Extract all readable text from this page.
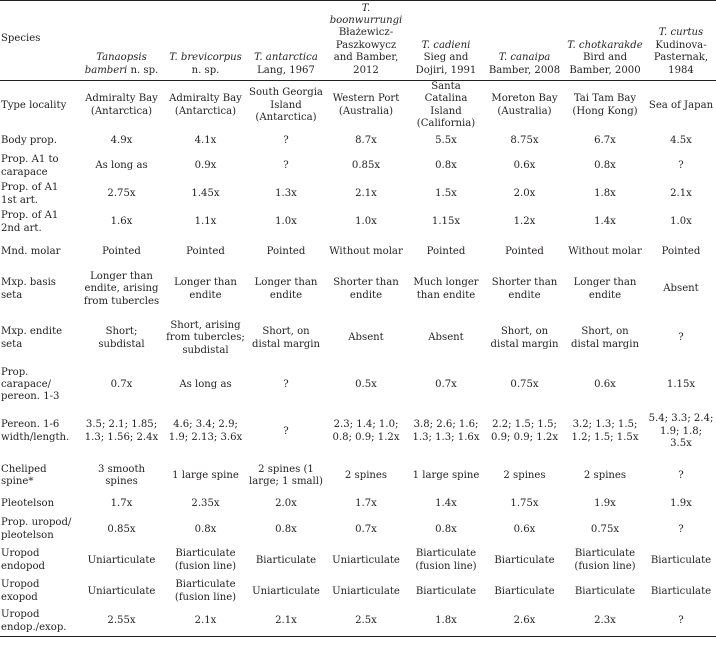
Species	Tanaopsis bamberi n. sp.	T. brevicorpus n. sp.	T. antarctica Lang, 1967	T. boonwurrungi Błażewicz-Paszkowycz and Bamber, 2012	T. cadieni Sieg and Dojiri, 1991	T. canaipa Bamber, 2008	T. chotkarakde Bird and Bamber, 2000	T. curtus Kudinova-Pasternak, 1984
Type locality	Admiralty Bay (Antarctica)	Admiralty Bay (Antarctica)	South Georgia Island (Antarctica)	Western Port (Australia)	Santa Catalina Island (California)	Moreton Bay (Australia)	Tai Tam Bay (Hong Kong)	Sea of Japan
Body prop.	4.9x	4.1x	?	8.7x	5.5x	8.75x	6.7x	4.5x
Prop. A1 to carapace	As long as	0.9x	?	0.85x	0.8x	0.6x	0.8x	?
Prop. of A1 1st art.	2.75x	1.45x	1.3x	2.1x	1.5x	2.0x	1.8x	2.1x
Prop. of A1 2nd art.	1.6x	1.1x	1.0x	1.0x	1.15x	1.2x	1.4x	1.0x
Mnd. molar	Pointed	Pointed	Pointed	Without molar	Pointed	Pointed	Without molar	Pointed
Mxp. basis seta	Longer than endite, arising from tubercles	Longer than endite	Longer than endite	Shorter than endite	Much longer than endite	Shorter than endite	Longer than endite	Absent
Mxp. endite seta	Short; subdistal	Short, arising from tubercles; subdistal	Short, on distal margin	Absent	Absent	Short, on distal margin	Short, on distal margin	?
Prop. carapace/ pereon. 1-3	0.7x	As long as	?	0.5x	0.7x	0.75x	0.6x	1.15x
Pereon. 1-6 width/length.	3.5; 2.1; 1.85; 1.3; 1.56; 2.4x	4.6; 3.4; 2.9; 1.9; 2.13; 3.6x	?	2.3; 1.4; 1.0; 0.8; 0.9; 1.2x	3.8; 2.6; 1.6; 1.3; 1.3; 1.6x	2.2; 1.5; 1.5; 0.9; 0.9; 1.2x	3.2; 1.3; 1.5; 1.2; 1.5; 1.5x	5.4; 3.3; 2.4; 1.9; 1.8; 3.5x
Cheliped spine*	3 smooth spines	1 large spine	2 spines (1 large; 1 small)	2 spines	1 large spine	2 spines	2 spines	?
Pleotelson	1.7x	2.35x	2.0x	1.7x	1.4x	1.75x	1.9x	1.9x
Prop. uropod/ pleotelson	0.85x	0.8x	0.8x	0.7x	0.8x	0.6x	0.75x	?
Uropod endopod	Uniarticulate	Biarticulate (fusion line)	Biarticulate	Uniarticulate	Biarticulate (fusion line)	Biarticulate	Biarticulate (fusion line)	Biarticulate
Uropod exopod	Uniarticulate	Biarticulate (fusion line)	Uniarticulate	Uniarticulate	Biarticulate	Biarticulate	Biarticulate	Biarticulate
Uropod endop./exop.	2.55x	2.1x	2.1x	2.5x	1.8x	2.6x	2.3x	?
